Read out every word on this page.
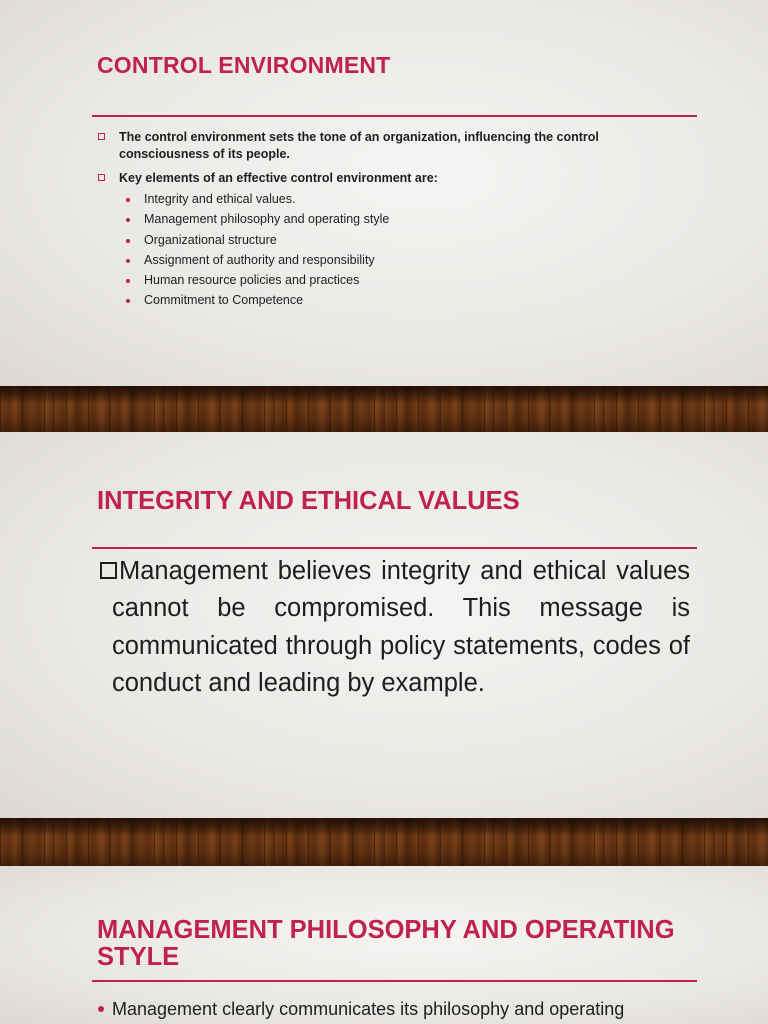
CONTROL ENVIRONMENT
The control environment sets the tone of an organization, influencing the control consciousness of its people.
Key elements of an effective control environment are:
Integrity and ethical values.
Management philosophy and operating style
Organizational structure
Assignment of authority and responsibility
Human resource policies and practices
Commitment to Competence
INTEGRITY AND ETHICAL VALUES
Management believes integrity and ethical values cannot be compromised. This message is communicated through policy statements, codes of conduct and leading by example.
MANAGEMENT PHILOSOPHY AND OPERATING STYLE
Management clearly communicates its philosophy and operating
